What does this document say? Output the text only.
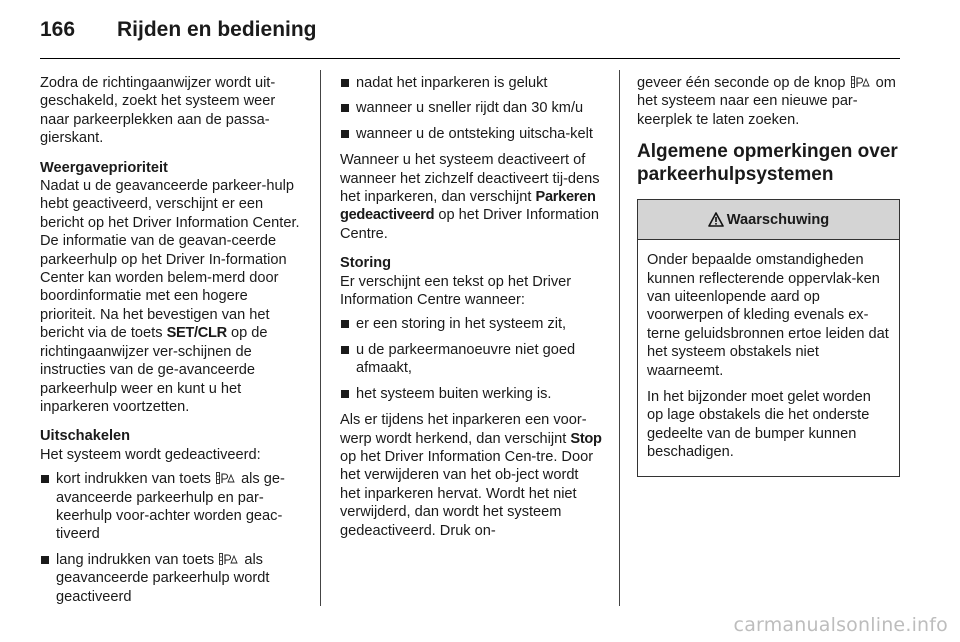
166 Rijden en bediening

Zodra de richtingaanwijzer wordt uit-geschakeld, zoekt het systeem weer naar parkeerplekken aan de passa-gierskant.

Weergaveprioriteit
Nadat u de geavanceerde parkeer-hulp hebt geactiveerd, verschijnt er een bericht op het Driver Information Center. De informatie van de geavan-ceerde parkeerhulp op het Driver In-formation Center kan worden belem-merd door boordinformatie met een hogere prioriteit. Na het bevestigen van het bericht via de toets SET/CLR op de richtingaanwijzer ver-schijnen de instructies van de ge-avanceerde parkeerhulp weer en kunt u het inparkeren voortzetten.

Uitschakelen
Het systeem wordt gedeactiveerd:

kort indrukken van toets als ge-avanceerde parkeerhulp en par-keerhulp voor-achter worden geac-tiveerd
lang indrukken van toets als geavanceerde parkeerhulp wordt geactiveerd
nadat het inparkeren is gelukt
wanneer u sneller rijdt dan 30 km/u
wanneer u de ontsteking uitscha-kelt

Wanneer u het systeem deactiveert of wanneer het zichzelf deactiveert tij-dens het inparkeren, dan verschijnt Parkeren gedeactiveerd op het Driver Information Centre.

Storing
Er verschijnt een tekst op het Driver Information Centre wanneer:

er een storing in het systeem zit,
u de parkeermanoeuvre niet goed afmaakt,
het systeem buiten werking is.

Als er tijdens het inparkeren een voor-werp wordt herkend, dan verschijnt Stop op het Driver Information Cen-tre. Door het verwijderen van het ob-ject wordt het inparkeren hervat. Wordt het niet verwijderd, dan wordt het systeem gedeactiveerd. Druk on-

geveer één seconde op de knop om het systeem naar een nieuwe par-keerplek te laten zoeken.

Algemene opmerkingen over parkeerhulpsystemen
Waarschuwing

Onder bepaalde omstandigheden kunnen reflecterende oppervlak-ken van uiteenlopende aard op voorwerpen of kleding evenals ex-terne geluidsbronnen ertoe leiden dat het systeem obstakels niet waarneemt.

In het bijzonder moet gelet worden op lage obstakels die het onderste gedeelte van de bumper kunnen beschadigen.

carmanualsonline.info
